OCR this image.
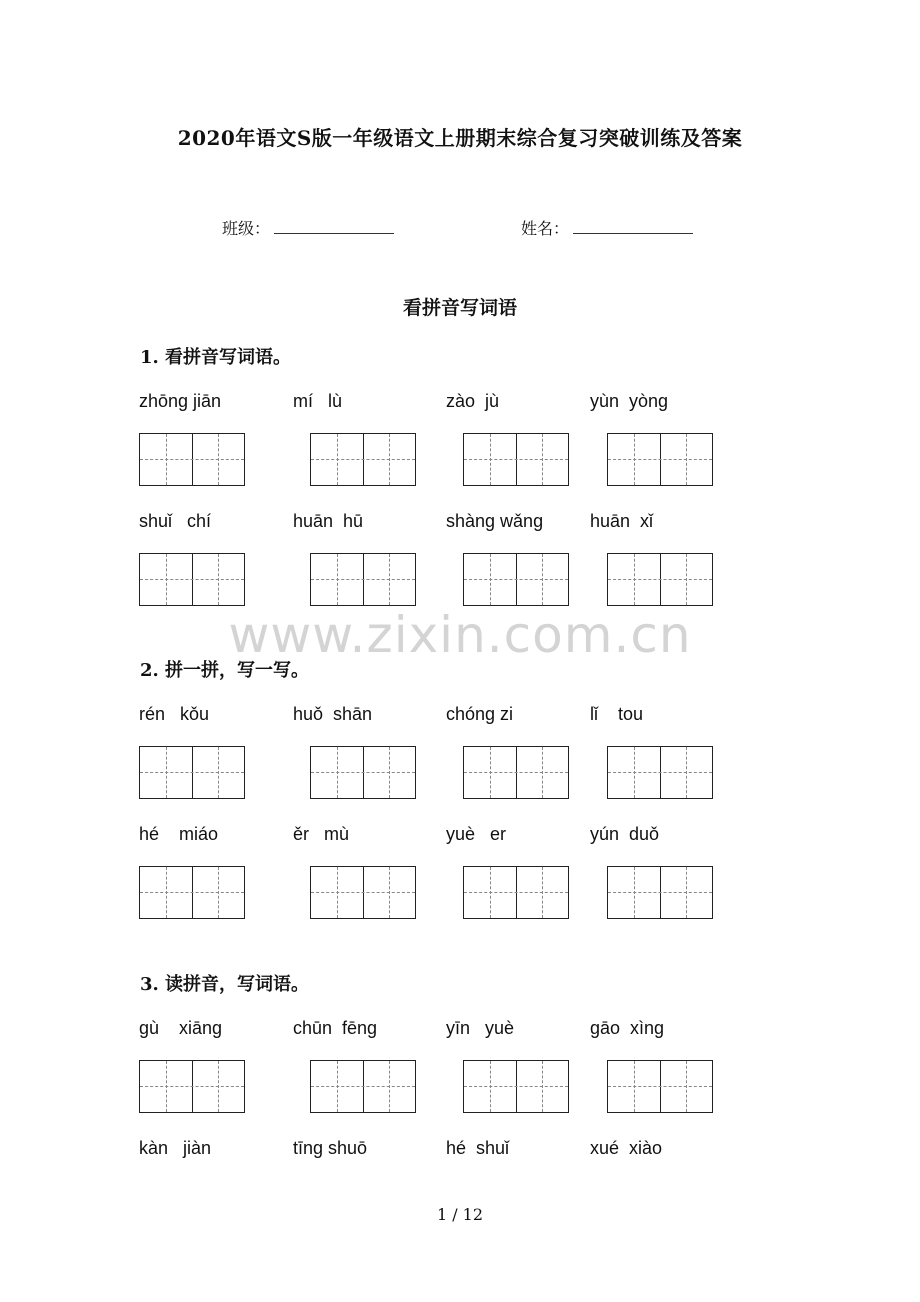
2020年语文S版一年级语文上册期末综合复习突破训练及答案
班级：	姓名：
看拼音写词语
1. 看拼音写词语。
zhōng jiān	mí   lù	zào  jù	yùn  yòng
shuǐ   chí	huān  hū	shàng wǎng	huān  xǐ
2. 拼一拼，写一写。
rén   kǒu	huǒ  shān	chóng zi	lǐ    tou
hé    miáo	ěr   mù	yuè   er	yún  duǒ
3. 读拼音，写词语。
gù    xiāng	chūn  fēng	yīn   yuè	gāo  xìng
kàn   jiàn	tīng shuō	hé  shuǐ	xué  xiào
www.zixin.com.cn
1 / 12
